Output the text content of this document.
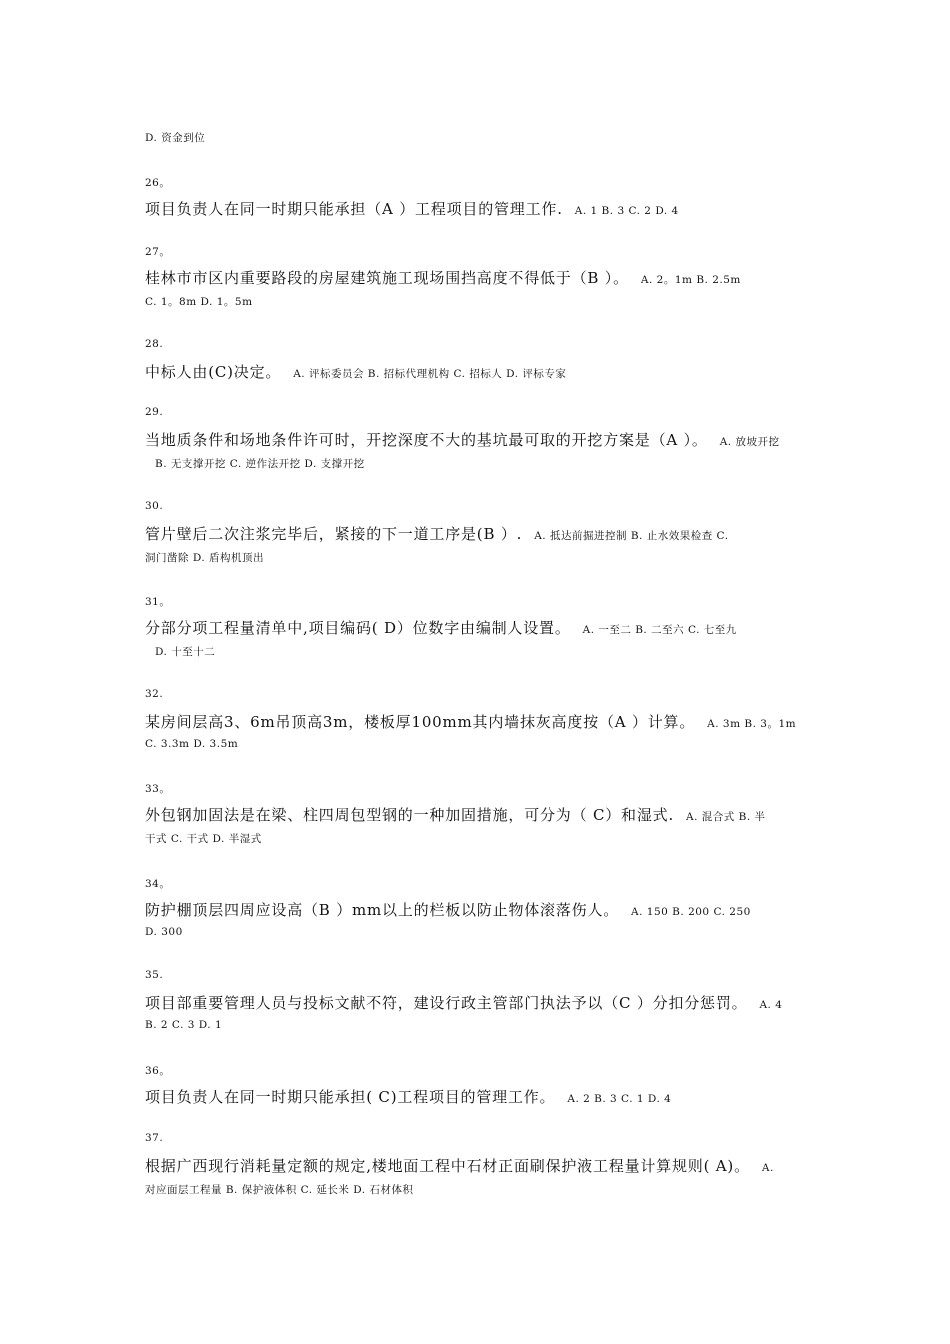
D. 资金到位
26。
项目负责人在同一时期只能承担（A ）工程项目的管理工作. A. 1 B. 3 C. 2 D. 4
27。
桂林市市区内重要路段的房屋建筑施工现场围挡高度不得低于（B ）。 A. 2。1m B. 2.5m
C. 1。8m D. 1。5m
28.
中标人由(C)决定。 A. 评标委员会 B. 招标代理机构 C. 招标人 D. 评标专家
29.
当地质条件和场地条件许可时，开挖深度不大的基坑最可取的开挖方案是（A ）。 A. 放坡开挖
B. 无支撑开挖 C. 逆作法开挖 D. 支撑开挖
30.
管片壁后二次注浆完毕后，紧接的下一道工序是(B ）. A. 抵达前掘进控制 B. 止水效果检查 C.
洞门凿除 D. 盾构机顶出
31。
分部分项工程量清单中,项目编码( D）位数字由编制人设置。 A. 一至二 B. 二至六 C. 七至九
D. 十至十二
32.
某房间层高3、6m吊顶高3m，楼板厚100mm其内墙抹灰高度按（A ）计算。 A. 3m B. 3。1m
C. 3.3m D. 3.5m
33。
外包钢加固法是在梁、柱四周包型钢的一种加固措施，可分为（ C）和湿式. A. 混合式 B. 半
干式 C. 干式 D. 半湿式
34。
防护棚顶层四周应设高（B ）mm以上的栏板以防止物体滚落伤人。 A. 150 B. 200 C. 250
D. 300
35.
项目部重要管理人员与投标文献不符，建设行政主管部门执法予以（C ）分扣分惩罚。 A. 4
B. 2 C. 3 D. 1
36。
项目负责人在同一时期只能承担( C)工程项目的管理工作。 A. 2 B. 3 C. 1 D. 4
37.
根据广西现行消耗量定额的规定,楼地面工程中石材正面刷保护液工程量计算规则( A)。 A.
对应面层工程量 B. 保护液体积 C. 延长米 D. 石材体积
